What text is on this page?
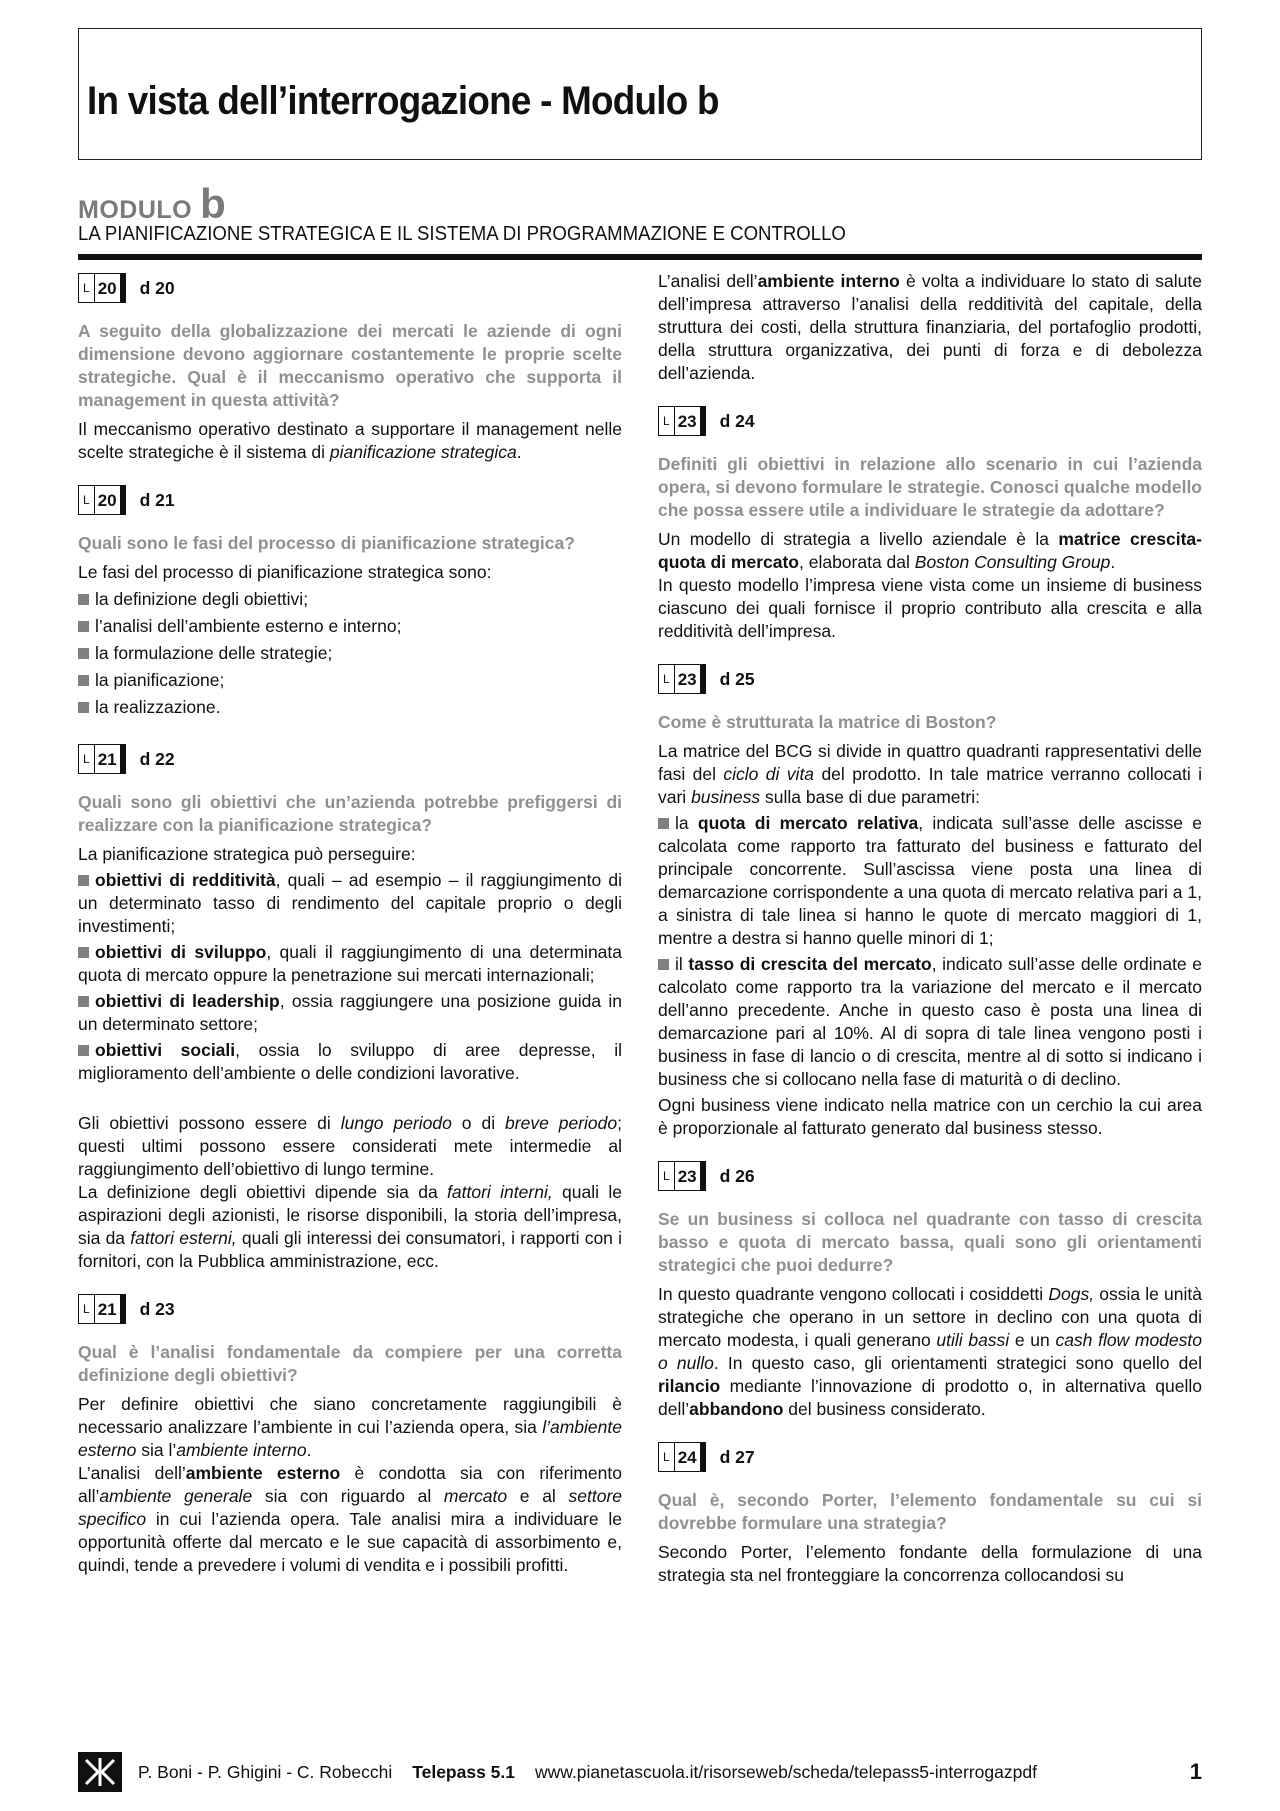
In vista dell’interrogazione - Modulo b
MODULO b
LA PIANIFICAZIONE STRATEGICA E IL SISTEMA DI PROGRAMMAZIONE E CONTROLLO
L 20 d 20

A seguito della globalizzazione dei mercati le aziende di ogni dimensione devono aggiornare costantemente le proprie scelte strategiche. Qual è il meccanismo operativo che supporta il management in questa attività?

Il meccanismo operativo destinato a supportare il management nelle scelte strategiche è il sistema di pianificazione strategica.

L 20 d 21

Quali sono le fasi del processo di pianificazione strategica?

Le fasi del processo di pianificazione strategica sono:

la definizione degli obiettivi;

l’analisi dell’ambiente esterno e interno;

la formulazione delle strategie;

la pianificazione;

la realizzazione.

L 21 d 22

Quali sono gli obiettivi che un’azienda potrebbe prefiggersi di realizzare con la pianificazione strategica?

La pianificazione strategica può perseguire:

obiettivi di redditività, quali – ad esempio – il raggiungimento di un determinato tasso di rendimento del capitale proprio o degli investimenti;

obiettivi di sviluppo, quali il raggiungimento di una determinata quota di mercato oppure la penetrazione sui mercati internazionali;

obiettivi di leadership, ossia raggiungere una posizione guida in un determinato settore;

obiettivi sociali, ossia lo sviluppo di aree depresse, il miglioramento dell’ambiente o delle condizioni lavorative.

Gli obiettivi possono essere di lungo periodo o di breve periodo; questi ultimi possono essere considerati mete intermedie al raggiungimento dell’obiettivo di lungo termine.

La definizione degli obiettivi dipende sia da fattori interni, quali le aspirazioni degli azionisti, le risorse disponibili, la storia dell’impresa, sia da fattori esterni, quali gli interessi dei consumatori, i rapporti con i fornitori, con la Pubblica amministrazione, ecc.

L 21 d 23

Qual è l’analisi fondamentale da compiere per una corretta definizione degli obiettivi?

Per definire obiettivi che siano concretamente raggiungibili è necessario analizzare l’ambiente in cui l’azienda opera, sia l’ambiente esterno sia l’ambiente interno.

L’analisi dell’ambiente esterno è condotta sia con riferimento all’ambiente generale sia con riguardo al mercato e al settore specifico in cui l’azienda opera. Tale analisi mira a individuare le opportunità offerte dal mercato e le sue capacità di assorbimento e, quindi, tende a prevedere i volumi di vendita e i possibili profitti.

L’analisi dell’ambiente interno è volta a individuare lo stato di salute dell’impresa attraverso l’analisi della redditività del capitale, della struttura dei costi, della struttura finanziaria, del portafoglio prodotti, della struttura organizzativa, dei punti di forza e di debolezza dell’azienda.

L 23 d 24

Definiti gli obiettivi in relazione allo scenario in cui l’azienda opera, si devono formulare le strategie. Conosci qualche modello che possa essere utile a individuare le strategie da adottare?

Un modello di strategia a livello aziendale è la matrice crescita-quota di mercato, elaborata dal Boston Consulting Group.

In questo modello l’impresa viene vista come un insieme di business ciascuno dei quali fornisce il proprio contributo alla crescita e alla redditività dell’impresa.

L 23 d 25

Come è strutturata la matrice di Boston?

La matrice del BCG si divide in quattro quadranti rappresentativi delle fasi del ciclo di vita del prodotto. In tale matrice verranno collocati i vari business sulla base di due parametri:

la quota di mercato relativa, indicata sull’asse delle ascisse e calcolata come rapporto tra fatturato del business e fatturato del principale concorrente. Sull’ascissa viene posta una linea di demarcazione corrispondente a una quota di mercato relativa pari a 1, a sinistra di tale linea si hanno le quote di mercato maggiori di 1, mentre a destra si hanno quelle minori di 1;

il tasso di crescita del mercato, indicato sull’asse delle ordinate e calcolato come rapporto tra la variazione del mercato e il mercato dell’anno precedente. Anche in questo caso è posta una linea di demarcazione pari al 10%. Al di sopra di tale linea vengono posti i business in fase di lancio o di crescita, mentre al di sotto si indicano i business che si collocano nella fase di maturità o di declino.

Ogni business viene indicato nella matrice con un cerchio la cui area è proporzionale al fatturato generato dal business stesso.

L 23 d 26

Se un business si colloca nel quadrante con tasso di crescita basso e quota di mercato bassa, quali sono gli orientamenti strategici che puoi dedurre?

In questo quadrante vengono collocati i cosiddetti Dogs, ossia le unità strategiche che operano in un settore in declino con una quota di mercato modesta, i quali generano utili bassi e un cash flow modesto o nullo. In questo caso, gli orientamenti strategici sono quello del rilancio mediante l’innovazione di prodotto o, in alternativa quello dell’abbandono del business considerato.

L 24 d 27

Qual è, secondo Porter, l’elemento fondamentale su cui si dovrebbe formulare una strategia?

Secondo Porter, l’elemento fondante della formulazione di una strategia sta nel fronteggiare la concorrenza collocandosi su

P. Boni - P. Ghigini - C. Robecchi Telepass 5.1 www.pianetascuola.it/risorseweb/scheda/telepass5-interrogazpdf	1
